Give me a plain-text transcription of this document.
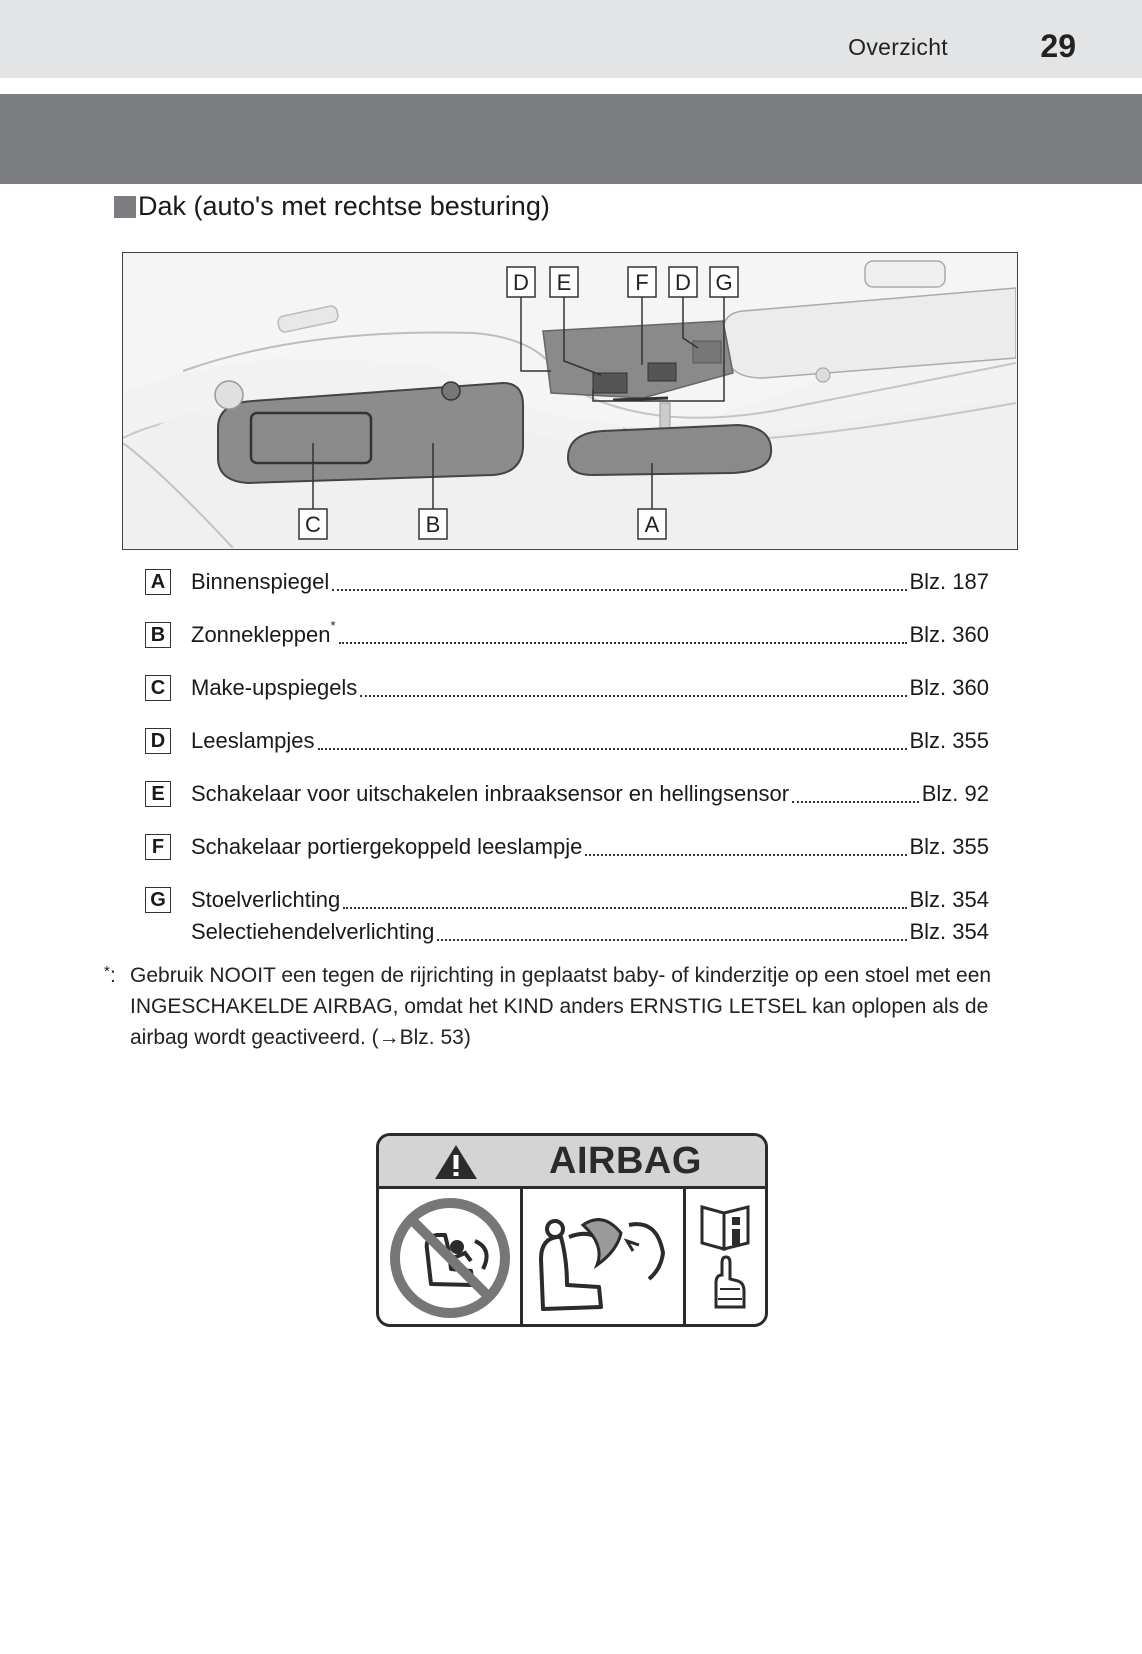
Overzicht	29
Dak (auto's met rechtse besturing)
D E	F D G
C	B	A
A Binnenspiegel	Blz. 187
B Zonnekleppen*	Blz. 360
C Make-upspiegels	Blz. 360
D Leeslampjes	Blz. 355
E Schakelaar voor uitschakelen inbraaksensor en hellingsensor	Blz. 92
F	Schakelaar portiergekoppeld leeslampje	Blz. 355
G Stoelverlichting	Blz. 354
Selectiehendelverlichting	Blz. 354
* : Gebruik NOOIT een tegen de rijrichting in geplaatst baby- of kinderzitje op een stoel met een INGESCHAKELDE AIRBAG, omdat het KIND anders ERNSTIG LETSEL kan oplopen als de airbag wordt geactiveerd. (→Blz. 53)
AIRBAG
